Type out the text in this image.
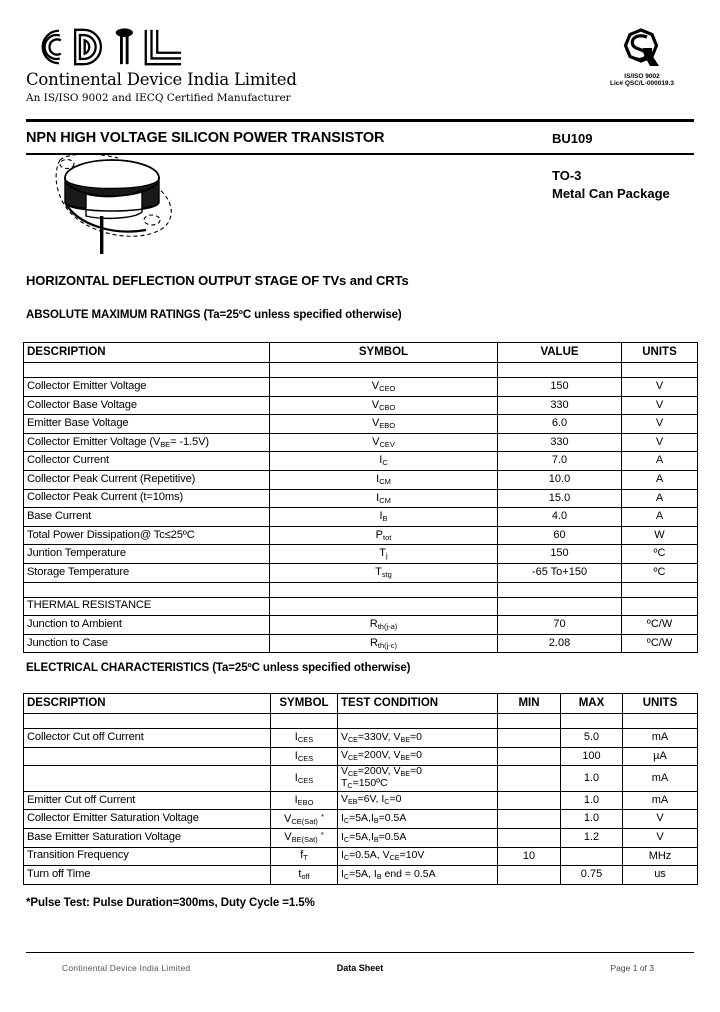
Continental Device India Limited
An IS/ISO 9002 and IECQ Certified Manufacturer
IS/ISO 9002
Lic# QSC/L-000019.3
NPN HIGH VOLTAGE SILICON POWER TRANSISTOR	BU109
TO-3
Metal Can Package
HORIZONTAL DEFLECTION OUTPUT STAGE OF TVs and CRTs
ABSOLUTE MAXIMUM RATINGS (Ta=25ºC unless specified otherwise)
DESCRIPTION	SYMBOL	VALUE	UNITS

Collector Emitter Voltage	$V_{CEO}$	150	V
Collector Base Voltage	$V_{CBO}$	330	V
Emitter Base Voltage	$V_{EBO}$	6.0	V
Collector Emitter Voltage $(V_{BE}= -1.5V)$	$V_{CEV}$	330	V
Collector Current	$I_C$	7.0	A
Collector Peak Current (Repetitive)	$I_{CM}$	10.0	A
Collector Peak Current (t=10ms)	$I_{CM}$	15.0	A
Base Current	$I_B$	4.0	A
Total Power Dissipation@ Tc≤25ºC	$P_{tot}$	60	W
Juntion Temperature	$T_j$	150	ºC
Storage Temperature	$T_{stg}$	-65 To+150	ºC

THERMAL RESISTANCE			
Junction to Ambient	$R_{th(j-a)}$	70	ºC/W
Junction to Case	$R_{th(j-c)}$	2.08	ºC/W
ELECTRICAL CHARACTERISTICS (Ta=25ºC unless specified otherwise)
DESCRIPTION	SYMBOL	TEST CONDITION	MIN	MAX	UNITS

Collector Cut off Current	$I_{CES}$	$V_{CE}=330V$, $V_{BE}=0$		5.0	mA
	$I_{CES}$	$V_{CE}=200V$, $V_{BE}=0$		100	µA
	$I_{CES}$	$V_{CE}=200V$, $V_{BE}=0$
$T_C=150ºC$		1.0	mA
Emitter Cut off Current	$I_{EBO}$	$V_{EB}=6V$, $I_C=0$		1.0	mA
Collector Emitter Saturation Voltage	$V_{CE(Sat)}$ *	$I_C=5A,I_B=0.5A$		1.0	V
Base Emitter Saturation Voltage	$V_{BE(Sat)}$ *	$I_C=5A,I_B=0.5A$		1.2	V
Transition Frequency	$f_T$	$I_C=0.5A$, $V_{CE}=10V$	10		MHz
Turn off Time	$t_{off}$	$I_C=5A$, $I_B$ end = 0.5A		0.75	us
*Pulse Test: Pulse Duration=300ms, Duty Cycle =1.5%
Continental Device India Limited	Data Sheet	Page 1 of 3
